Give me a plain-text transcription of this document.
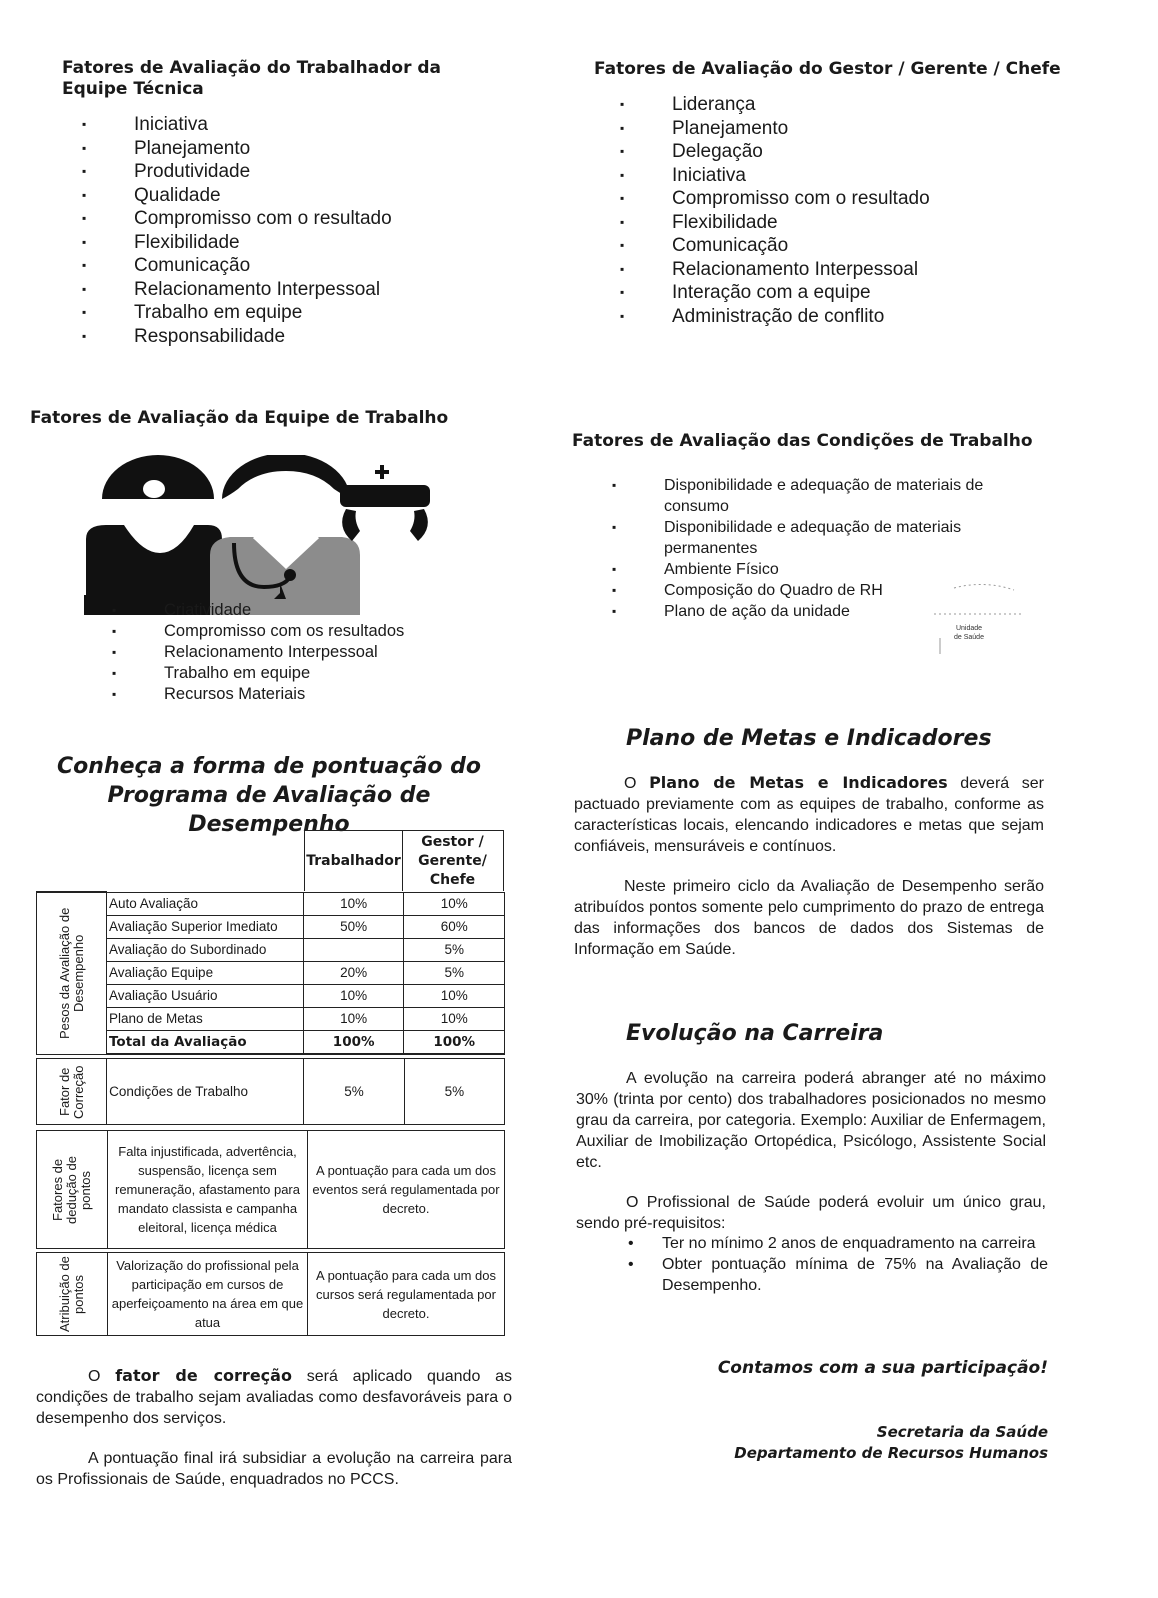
Fatores de Avaliação do Trabalhador da
Equipe Técnica
▪ Iniciativa
▪ Planejamento
▪ Produtividade
▪ Qualidade
▪ Compromisso com o resultado
▪ Flexibilidade
▪ Comunicação
▪ Relacionamento Interpessoal
▪ Trabalho em equipe
▪ Responsabilidade
Fatores de Avaliação do Gestor / Gerente / Chefe
▪ Liderança
▪ Planejamento
▪ Delegação
▪ Iniciativa
▪ Compromisso com o resultado
▪ Flexibilidade
▪ Comunicação
▪ Relacionamento Interpessoal
▪ Interação com a equipe
▪ Administração de conflito
Fatores de Avaliação da Equipe de Trabalho
▪ Criatividade
▪ Compromisso com os resultados
▪ Relacionamento Interpessoal
▪ Trabalho em equipe
▪ Recursos Materiais
Fatores de Avaliação das Condições de Trabalho
▪ Disponibilidade e adequação de materiais de consumo
▪ Disponibilidade e adequação de materiais permanentes
▪ Ambiente Físico
▪ Composição do Quadro de RH
▪ Plano de ação da unidade
Unidade
de Saúde
Conheça a forma de pontuação do
Programa de Avaliação de Desempenho
Trabalhador
Gestor /
Gerente/
Chefe
Pesos da Avaliação de Desempenho	Auto Avaliação	10%	10%
	Avaliação Superior Imediato	50%	60%
	Avaliação do Subordinado		5%
	Avaliação Equipe	20%	5%
	Avaliação Usuário	10%	10%
	Plano de Metas	10%	10%
	Total da Avaliação	100%	100%
Fator de Correção	Condições de Trabalho	5%	5%
Fatores de dedução de pontos
	Falta injustificada, advertência, suspensão, licença sem remuneração, afastamento para mandato classista e campanha eleitoral, licença médica	A pontuação para cada um dos eventos será regulamentada por decreto.
Atribuição de pontos
	Valorização do profissional pela participação em cursos de aperfeiçoamento na área em que atua	A pontuação para cada um dos cursos será regulamentada por decreto.

O fator de correção será aplicado quando as condições de trabalho sejam avaliadas como desfavoráveis para o desempenho dos serviços.

A pontuação final irá subsidiar a evolução na carreira para os Profissionais de Saúde, enquadrados no PCCS.

Plano de Metas e Indicadores

O Plano de Metas e Indicadores deverá ser pactuado previamente com as equipes de trabalho, conforme as características locais, elencando indicadores e metas que sejam confiáveis, mensuráveis e contínuos.

Neste primeiro ciclo da Avaliação de Desempenho serão atribuídos pontos somente pelo cumprimento do prazo de entrega das informações dos bancos de dados dos Sistemas de Informação em Saúde.

Evolução na Carreira

A evolução na carreira poderá abranger até no máximo 30% (trinta por cento) dos trabalhadores posicionados no mesmo grau da carreira, por categoria. Exemplo: Auxiliar de Enfermagem, Auxiliar de Imobilização Ortopédica, Psicólogo, Assistente Social etc.

O Profissional de Saúde poderá evoluir um único grau, sendo pré-requisitos:

• Ter no mínimo 2 anos de enquadramento na carreira
• Obter pontuação mínima de 75% na Avaliação de Desempenho.
Contamos com a sua participação!
Secretaria da Saúde
Departamento de Recursos Humanos
